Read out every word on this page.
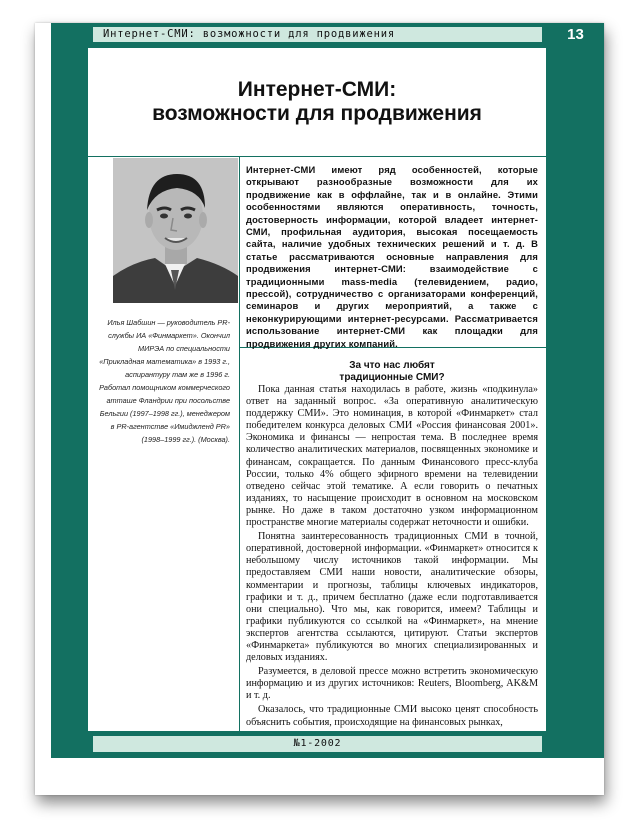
Интернет-СМИ: возможности для продвижения	13
Интернет-СМИ:
возможности для продвижения

Илья Шабшин — руководитель PR-службы ИА «Финмаркет». Окончил МИРЭА по специальности «Прикладная математика» в 1993 г., аспирантуру там же в 1996 г. Работал помощником коммерческого атташе Фландрии при посольстве Бельгии (1997–1998 гг.), менеджером в PR-агентстве «Имиджленд PR» (1998–1999 гг.). (Москва).

Интернет-СМИ имеют ряд особенностей, которые открывают разнообразные возможности для их продвижение как в оффлайне, так и в онлайне. Этими особенностями являются оперативность, точность, достоверность информации, которой владеет интернет-СМИ, профильная аудитория, высокая посещаемость сайта, наличие удобных технических решений и т. д. В статье рассматриваются основные направления для продвижения интернет-СМИ: взаимодействие с традиционными mass-media (телевидением, радио, прессой), сотрудничество с организаторами конференций, семинаров и других мероприятий, а также с неконкурирующими интернет-ресурсами. Рассматривается использование интернет-СМИ как площадки для продвижения других компаний.

За что нас любят
традиционные СМИ?

Пока данная статья находилась в работе, жизнь «подкинула» ответ на заданный вопрос. «За оперативную аналитическую поддержку СМИ». Это номинация, в которой «Финмаркет» стал победителем конкурса деловых СМИ «Россия финансовая 2001». Экономика и финансы — непростая тема. В последнее время количество аналитических материалов, посвященных экономике и финансам, сокращается. По данным Финансового пресс-клуба России, только 4% общего эфирного времени на телевидении отведено сейчас этой тематике. А если говорить о печатных изданиях, то насыщение происходит в основном на московском рынке. Но даже в таком достаточно узком информационном пространстве многие материалы содержат неточности и ошибки.

Понятна заинтересованность традиционных СМИ в точной, оперативной, достоверной информации. «Финмаркет» относится к небольшому числу источников такой информации. Мы предоставляем СМИ наши новости, аналитические обзоры, комментарии и прогнозы, таблицы ключевых индикаторов, графики и т. д., причем бесплатно (даже если подготавливается они специально). Что мы, как говорится, имеем? Таблицы и графики публикуются со ссылкой на «Финмаркет», на мнение экспертов агентства ссылаются, цитируют. Статьи экспертов «Финмаркета» публикуются во многих специализированных и деловых изданиях.

Разумеется, в деловой прессе можно встретить экономическую информацию и из других источников: Reuters, Bloomberg, AK&M и т. д.

Оказалось, что традиционные СМИ высоко ценят способность объяснить события, происходящие на финансовых рынках,

№1-2002
